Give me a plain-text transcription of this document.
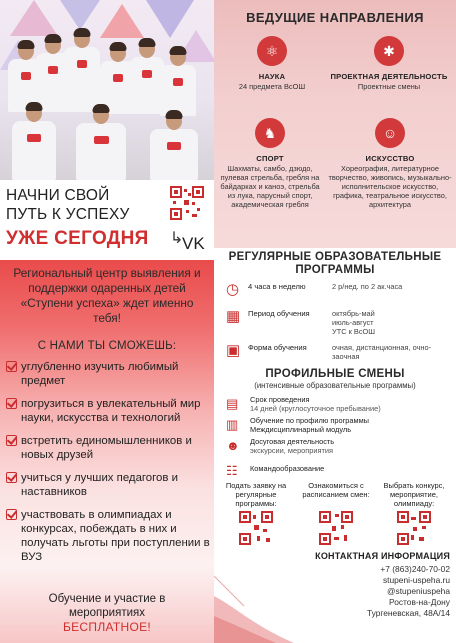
НАЧНИ СВОЙ
ПУТЬ К УСПЕХУ
УЖЕ СЕГОДНЯ	↳
VK
Региональный центр выявления и поддержки одаренных детей «Ступени успеха» ждет именно тебя!
С НАМИ ТЫ СМОЖЕШЬ:
углубленно изучить любимый предмет
погрузиться в увлекательный мир науки, искусства и технологий
встретить единомышленников и новых друзей
учиться у лучших педагогов и наставников
участвовать в олимпиадах и конкурсах, побеждать в них и получать льготы при поступлении в ВУЗ
Обучение и участие в
мероприятиях
БЕСПЛАТНОЕ!
ВЕДУЩИЕ НАПРАВЛЕНИЯ
⚛
НАУКА
24 предмета ВсОШ
✱
ПРОЕКТНАЯ ДЕЯТЕЛЬНОСТЬ
Проектные смены
♞
СПОРТ
Шахматы, самбо, дзюдо, пулевая стрельба, гребля на байдарках и каноэ, стрельба из лука, парусный спорт, академическая гребля
☺
ИСКУССТВО
Хореография, литературное творчество, живопись, музыкально-исполнительское искусство, графика, театральное искусство, архитектура
РЕГУЛЯРНЫЕ ОБРАЗОВАТЕЛЬНЫЕ
ПРОГРАММЫ
◷ 4 часа в неделю	2 р/нед. по 2 ак.часа
▦ Период обучения	октябрь-май
июль-август
УТС к ВсОШ
▣ Форма обучения	очная, дистанционная, очно-заочная
ПРОФИЛЬНЫЕ СМЕНЫ
(интенсивные образовательные программы)
▤ Срок проведения
14 дней (круглосуточное пребывание)
▥ Обучение по профилю программы
Междисциплинарный модуль
☻ Досуговая деятельность
экскурсии, мероприятия
☷ Командообразование
Подать заявку на регулярные программы:
Ознакомиться с расписанием смен:
Выбрать конкурс, мероприятие, олимпиаду:
КОНТАКТНАЯ ИНФОРМАЦИЯ
+7 (863)240-70-02
stupeni-uspeha.ru
@stupeniuspeha
Ростов-на-Дону
Тургеневская, 48А/14
